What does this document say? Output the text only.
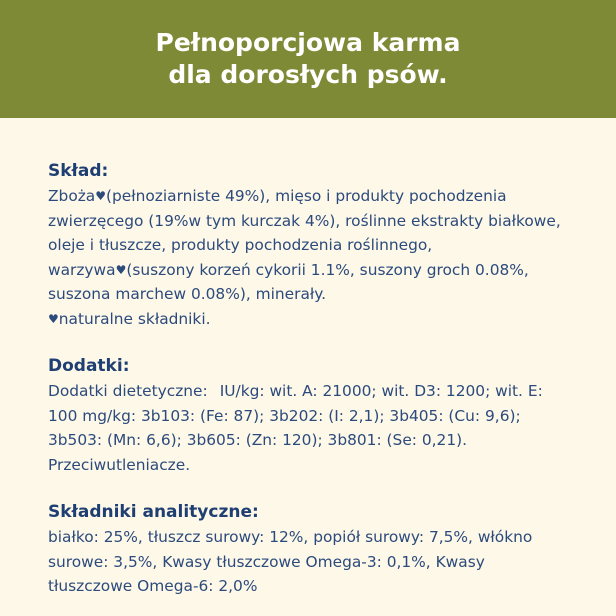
Pełnoporcjowa karma
dla dorosłych psów.
Skład:

Zboża♥(pełnoziarniste 49%), mięso i produkty pochodzenia zwierzęcego (19%w tym kurczak 4%), roślinne ekstrakty białkowe, oleje i tłuszcze, produkty pochodzenia roślinnego, warzywa♥(suszony korzeń cykorii 1.1%, suszony groch 0.08%, suszona marchew 0.08%), minerały.
♥naturalne składniki.

Dodatki:

Dodatki dietetyczne: IU/kg: wit. A: 21000; wit. D3: 1200; wit. E: 100 mg/kg: 3b103: (Fe: 87); 3b202: (I: 2,1); 3b405: (Cu: 9,6); 3b503: (Mn: 6,6); 3b605: (Zn: 120); 3b801: (Se: 0,21). Przeciwutleniacze.

Składniki analityczne:

białko: 25%, tłuszcz surowy: 12%, popiół surowy: 7,5%, włókno surowe: 3,5%, Kwasy tłuszczowe Omega-3: 0,1%, Kwasy tłuszczowe Omega-6: 2,0%
